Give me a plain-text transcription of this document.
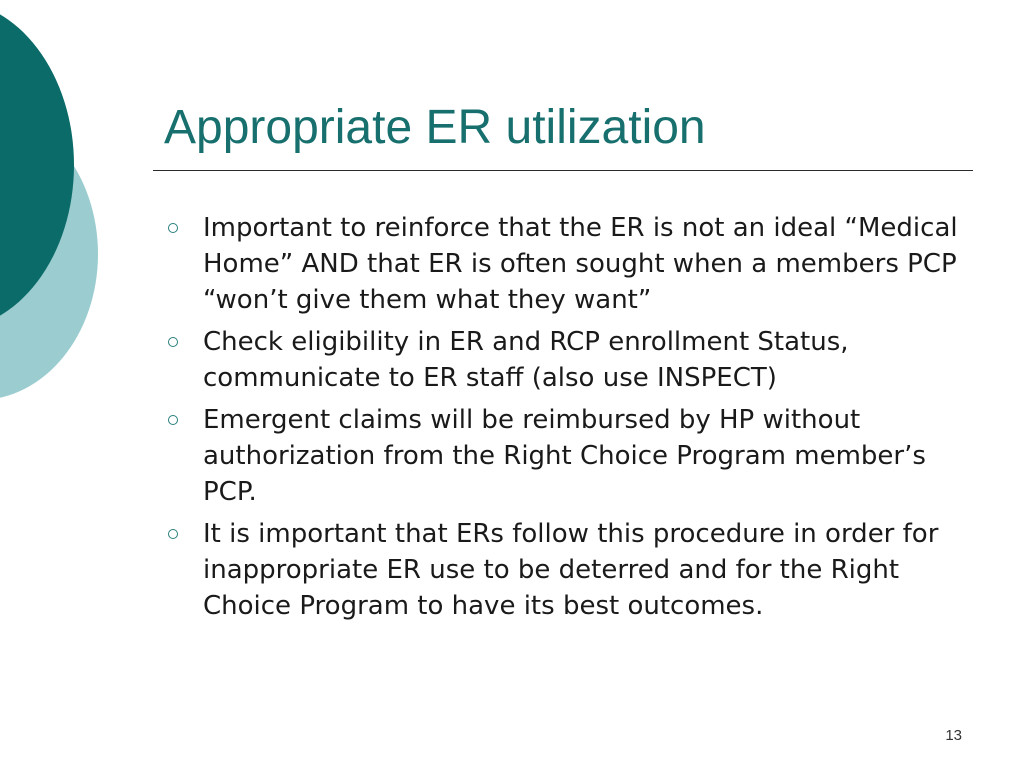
Appropriate ER utilization
Important to reinforce that the ER is not an ideal “Medical Home” AND that ER is often sought when a members PCP “won’t give them what they want”
Check eligibility in ER and RCP enrollment Status, communicate to ER staff (also use INSPECT)
Emergent claims will be reimbursed by HP without authorization from the Right Choice Program member’s PCP.
It is important that ERs follow this procedure in order for inappropriate ER use to be deterred and for the Right Choice Program to have its best outcomes.
13
